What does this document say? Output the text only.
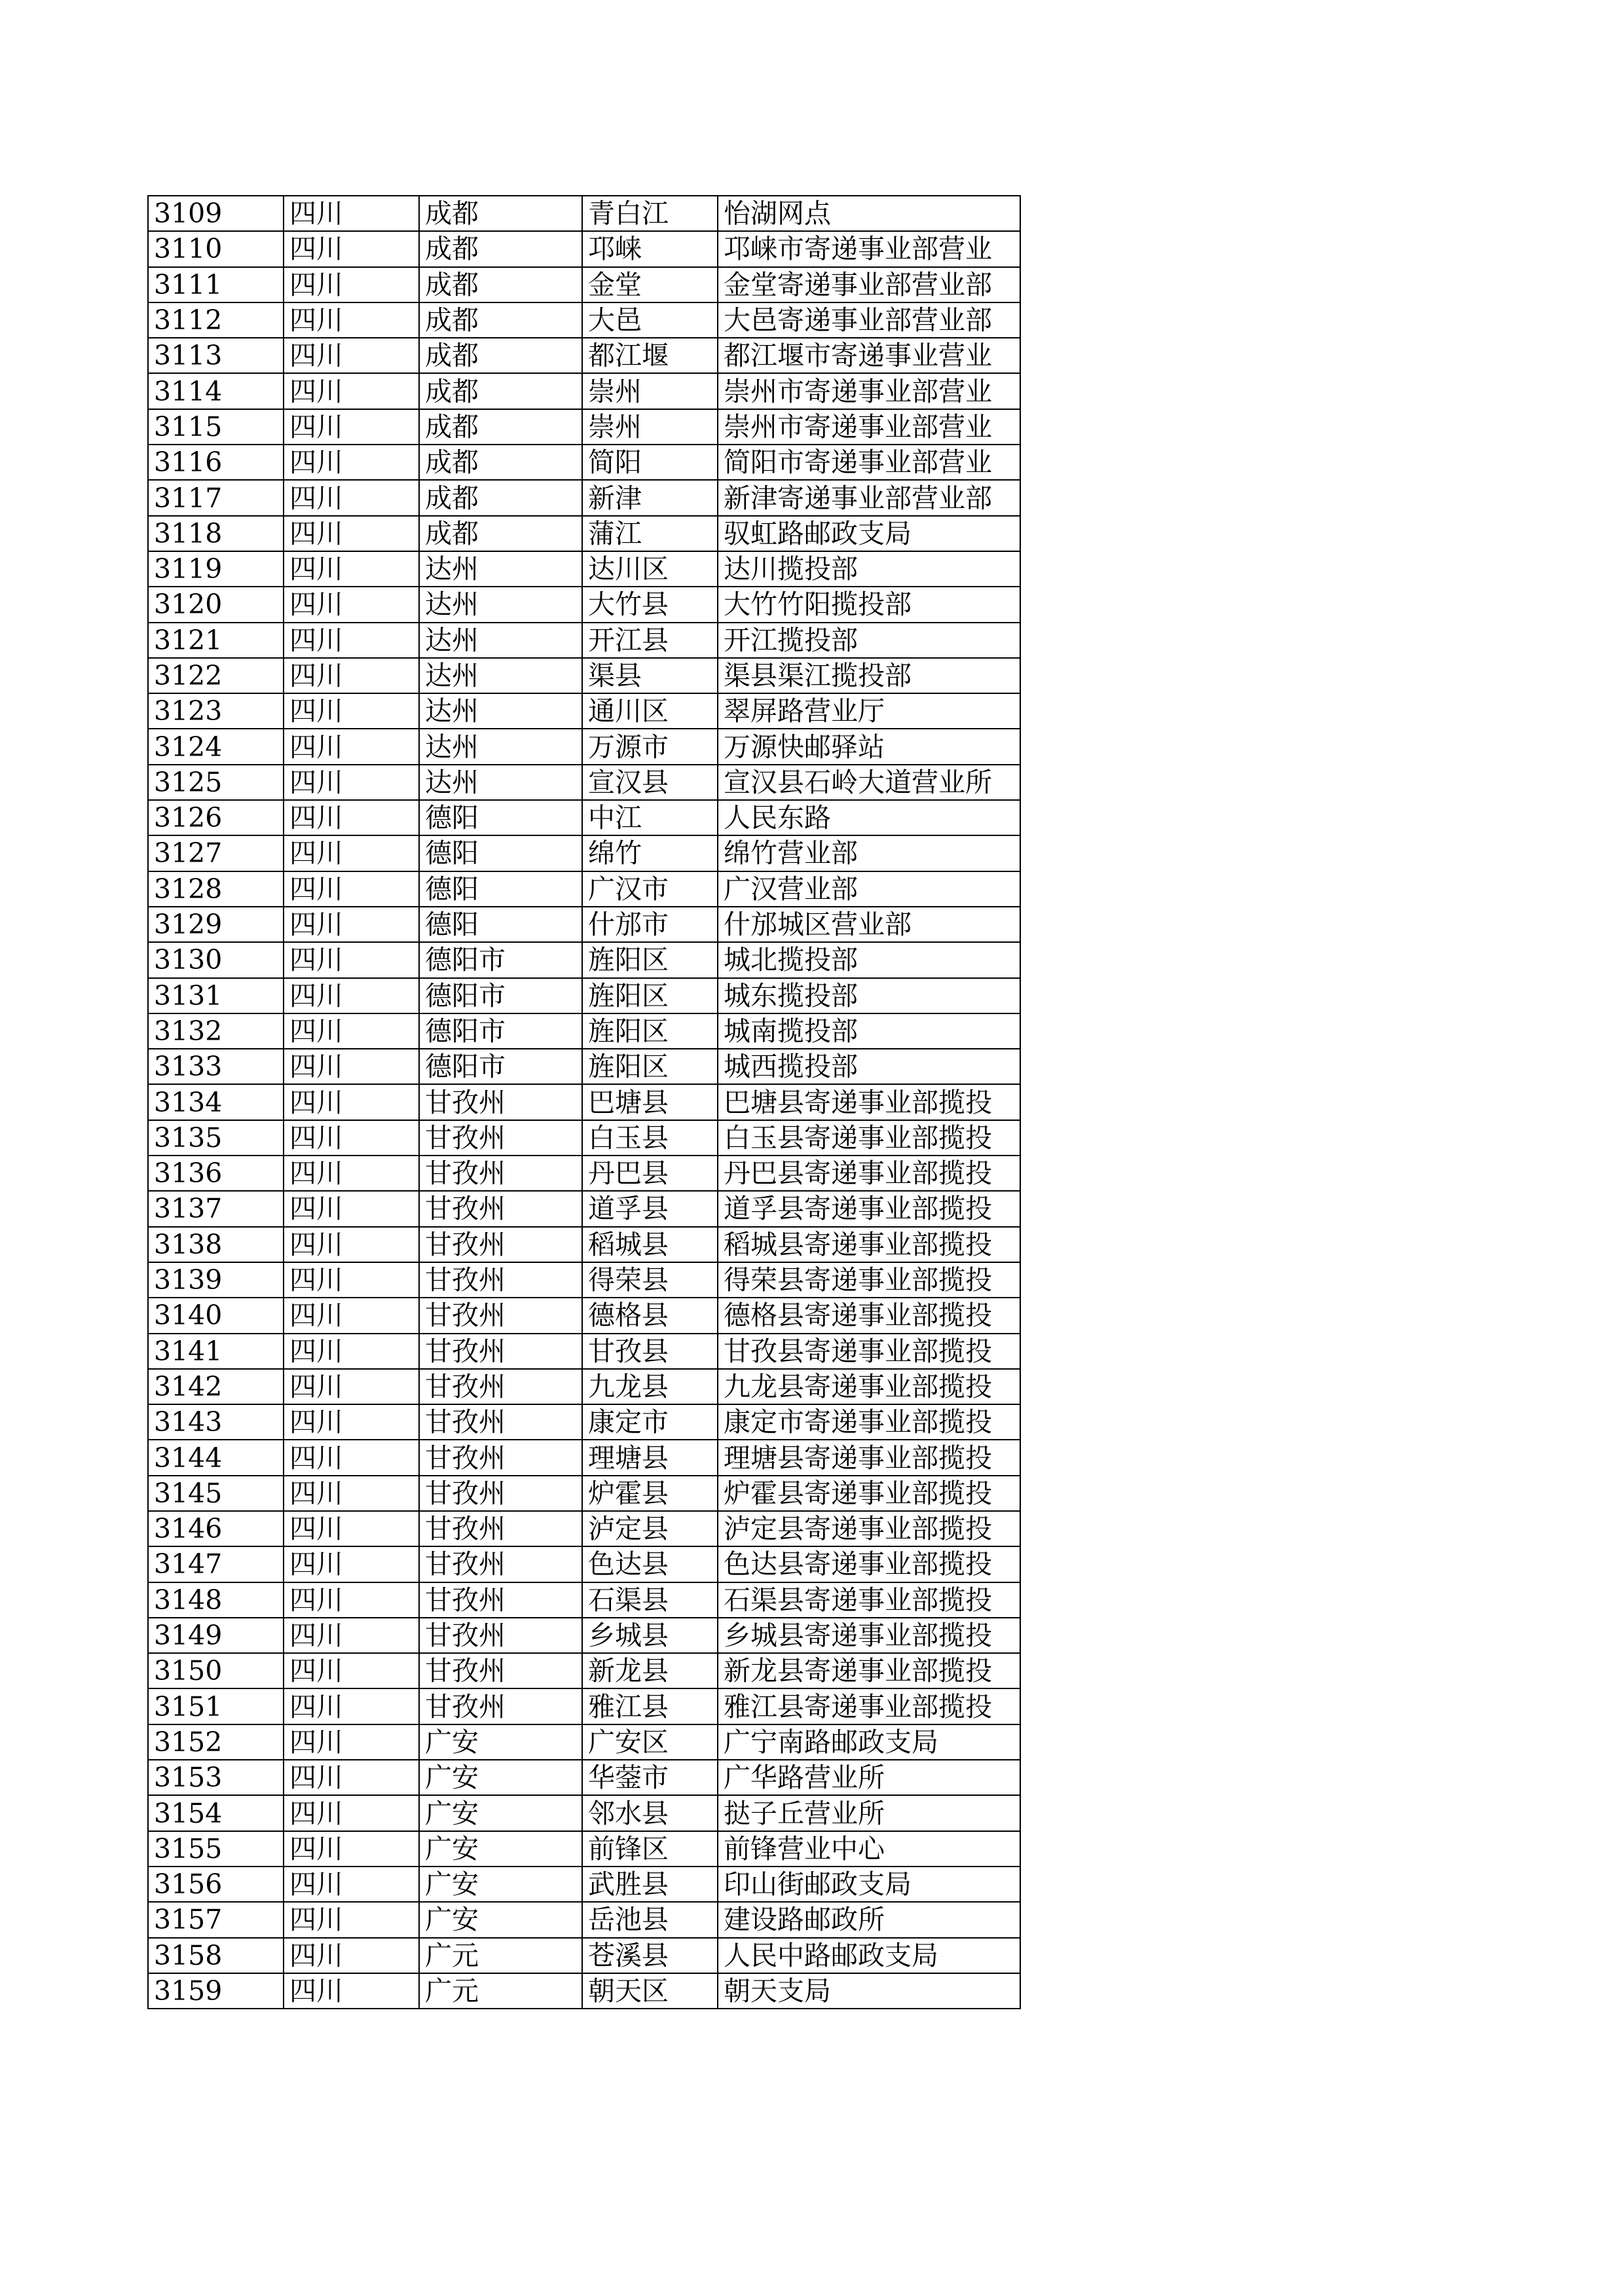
3109	四川	成都	青白江	怡湖网点
3110	四川	成都	邛崃	邛崃市寄递事业部营业
3111	四川	成都	金堂	金堂寄递事业部营业部
3112	四川	成都	大邑	大邑寄递事业部营业部
3113	四川	成都	都江堰	都江堰市寄递事业营业
3114	四川	成都	崇州	崇州市寄递事业部营业
3115	四川	成都	崇州	崇州市寄递事业部营业
3116	四川	成都	简阳	简阳市寄递事业部营业
3117	四川	成都	新津	新津寄递事业部营业部
3118	四川	成都	蒲江	驭虹路邮政支局
3119	四川	达州	达川区	达川揽投部
3120	四川	达州	大竹县	大竹竹阳揽投部
3121	四川	达州	开江县	开江揽投部
3122	四川	达州	渠县	渠县渠江揽投部
3123	四川	达州	通川区	翠屏路营业厅
3124	四川	达州	万源市	万源快邮驿站
3125	四川	达州	宣汉县	宣汉县石岭大道营业所
3126	四川	德阳	中江	人民东路
3127	四川	德阳	绵竹	绵竹营业部
3128	四川	德阳	广汉市	广汉营业部
3129	四川	德阳	什邡市	什邡城区营业部
3130	四川	德阳市	旌阳区	城北揽投部
3131	四川	德阳市	旌阳区	城东揽投部
3132	四川	德阳市	旌阳区	城南揽投部
3133	四川	德阳市	旌阳区	城西揽投部
3134	四川	甘孜州	巴塘县	巴塘县寄递事业部揽投
3135	四川	甘孜州	白玉县	白玉县寄递事业部揽投
3136	四川	甘孜州	丹巴县	丹巴县寄递事业部揽投
3137	四川	甘孜州	道孚县	道孚县寄递事业部揽投
3138	四川	甘孜州	稻城县	稻城县寄递事业部揽投
3139	四川	甘孜州	得荣县	得荣县寄递事业部揽投
3140	四川	甘孜州	德格县	德格县寄递事业部揽投
3141	四川	甘孜州	甘孜县	甘孜县寄递事业部揽投
3142	四川	甘孜州	九龙县	九龙县寄递事业部揽投
3143	四川	甘孜州	康定市	康定市寄递事业部揽投
3144	四川	甘孜州	理塘县	理塘县寄递事业部揽投
3145	四川	甘孜州	炉霍县	炉霍县寄递事业部揽投
3146	四川	甘孜州	泸定县	泸定县寄递事业部揽投
3147	四川	甘孜州	色达县	色达县寄递事业部揽投
3148	四川	甘孜州	石渠县	石渠县寄递事业部揽投
3149	四川	甘孜州	乡城县	乡城县寄递事业部揽投
3150	四川	甘孜州	新龙县	新龙县寄递事业部揽投
3151	四川	甘孜州	雅江县	雅江县寄递事业部揽投
3152	四川	广安	广安区	广宁南路邮政支局
3153	四川	广安	华蓥市	广华路营业所
3154	四川	广安	邻水县	挞子丘营业所
3155	四川	广安	前锋区	前锋营业中心
3156	四川	广安	武胜县	印山街邮政支局
3157	四川	广安	岳池县	建设路邮政所
3158	四川	广元	苍溪县	人民中路邮政支局
3159	四川	广元	朝天区	朝天支局
